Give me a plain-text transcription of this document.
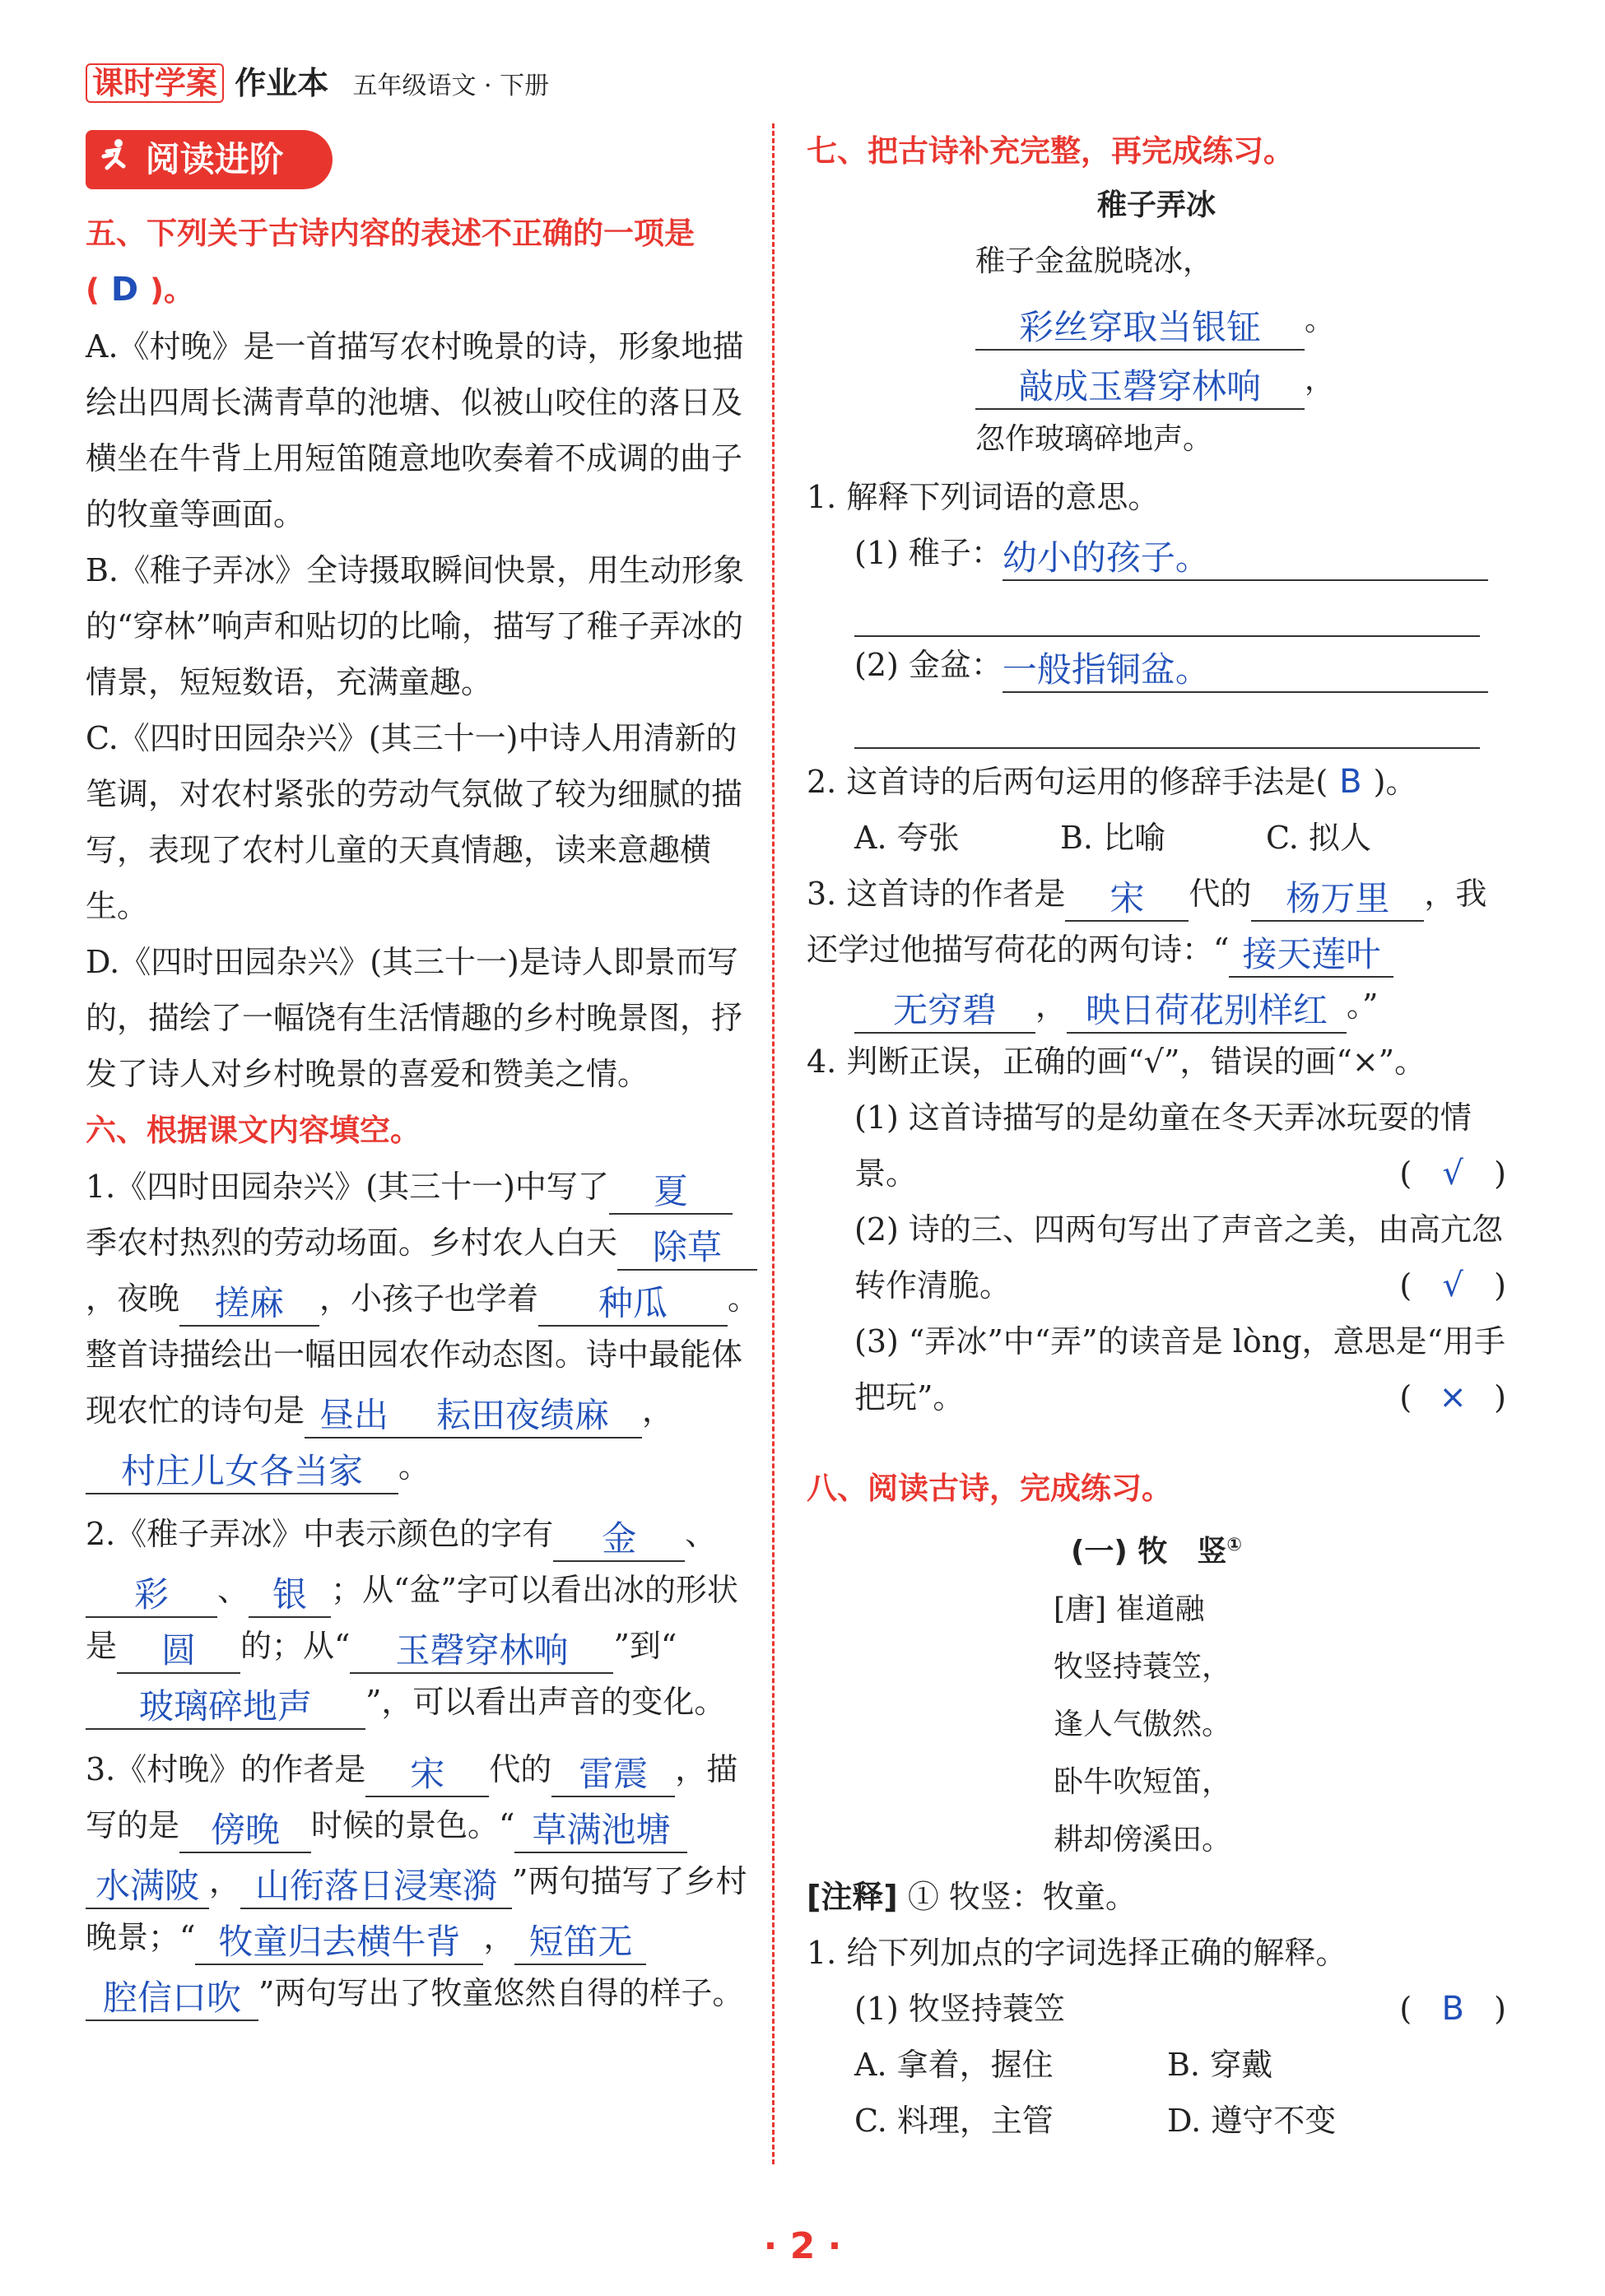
课时学案 作业本 五年级语文 · 下册
阅读进阶
五、下列关于古诗内容的表述不正确的一项是( D )。
A.《村晚》是一首描写农村晚景的诗，形象地描绘出四周长满青草的池塘、似被山咬住的落日及横坐在牛背上用短笛随意地吹奏着不成调的曲子的牧童等画面。
B.《稚子弄冰》全诗摄取瞬间快景，用生动形象的“穿林”响声和贴切的比喻，描写了稚子弄冰的情景，短短数语，充满童趣。
C.《四时田园杂兴》(其三十一)中诗人用清新的笔调，对农村紧张的劳动气氛做了较为细腻的描写，表现了农村儿童的天真情趣，读来意趣横生。
D.《四时田园杂兴》(其三十一)是诗人即景而写的，描绘了一幅饶有生活情趣的乡村晚景图，抒发了诗人对乡村晚景的喜爱和赞美之情。
六、根据课文内容填空。
1.《四时田园杂兴》(其三十一)中写了 夏季农村热烈的劳动场面。乡村农人白天 除草，夜晚 搓麻 ，小孩子也学着 种瓜 。整首诗描绘出一幅田园农作动态图。诗中最能体现农忙的诗句是 昼出 耘田夜绩麻 ，村庄儿女各当家 。
2.《稚子弄冰》中表示颜色的字有 金 、彩 、 银 ；从“盆”字可以看出冰的形状是 圆 的；从“ 玉磬穿林响 ”到“玻璃碎地声 ”，可以看出声音的变化。
3.《村晚》的作者是 宋 代的 雷震 ，描写的是 傍晚 时候的景色。“ 草满池塘水满陂 ， 山衔落日浸寒漪 ”两句描写了乡村晚景；“ 牧童归去横牛背 ， 短笛无腔信口吹 ”两句写出了牧童悠然自得的样子。
七、把古诗补充完整，再完成练习。
稚子弄冰
稚子金盆脱晓冰，
彩丝穿取当银钲 。
敲成玉磬穿林响 ，
忽作玻璃碎地声。
1. 解释下列词语的意思。
(1) 稚子：幼小的孩子。
(2) 金盆：一般指铜盆。
2. 这首诗的后两句运用的修辞手法是( B )。
A. 夸张	B. 比喻	C. 拟人
3. 这首诗的作者是 宋 代的 杨万里 ，我还学过他描写荷花的两句诗：“ 接天莲叶无穷碧 ， 映日荷花别样红 。”
4. 判断正误，正确的画“√”，错误的画“×”。
(1) 这首诗描写的是幼童在冬天弄冰玩耍的情景。	( √ )
(2) 诗的三、四两句写出了声音之美，由高亢忽转作清脆。	( √ )
(3) “弄冰”中“弄”的读音是 lòng，意思是“用手把玩”。	( × )
八、阅读古诗，完成练习。
(一) 牧　竖①
[唐] 崔道融
牧竖持蓑笠，
逢人气傲然。
卧牛吹短笛，
耕却傍溪田。
[注释] ① 牧竖：牧童。
1. 给下列加点的字词选择正确的解释。
(1) 牧竖持蓑笠	( B )
A. 拿着，握住	B. 穿戴
C. 料理，主管	D. 遵守不变
· 2 ·
